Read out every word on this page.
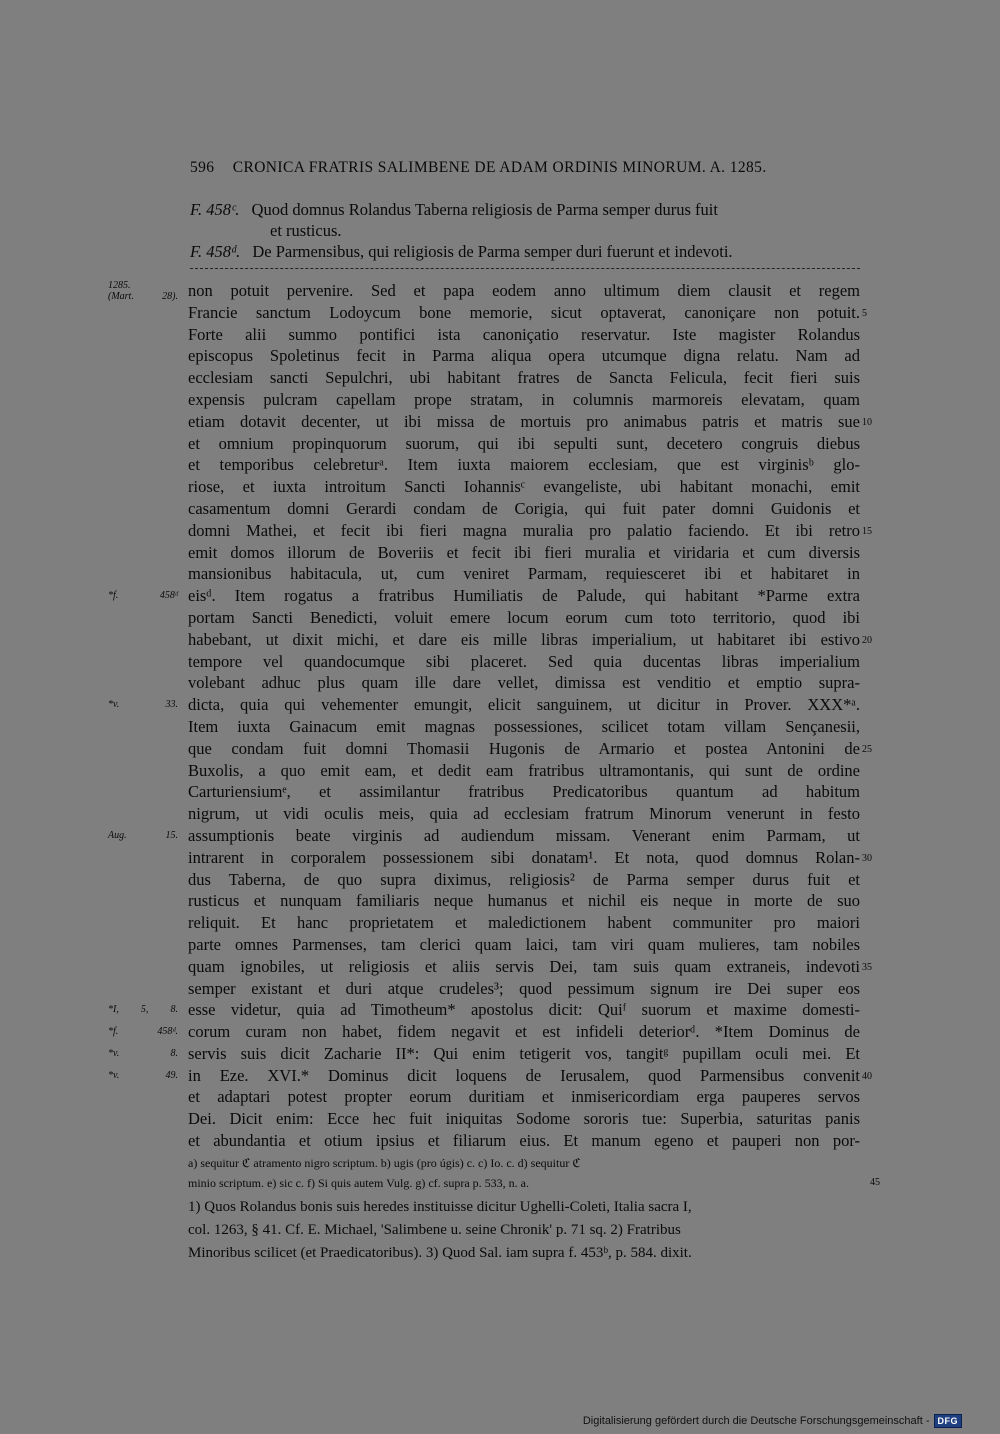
596 CRONICA FRATRIS SALIMBENE DE ADAM ORDINIS MINORUM. A. 1285.
F. 458ᶜ. Quod domnus Rolandus Taberna religiosis de Parma semper durus fuit
et rusticus.
F. 458ᵈ. De Parmensibus, qui religiosis de Parma semper duri fuerunt et indevoti.
non potuit pervenire. Sed et papa eodem anno ultimum diem clausit et regem
1285.
(Mart. 28).
Francie sanctum Lodoycum bone memorie, sicut optaverat, canoniçare non potuit. 5
Forte alii summo pontifici ista canoniçatio reservatur. Iste magister Rolandus
episcopus Spoletinus fecit in Parma aliqua opera utcumque digna relatu. Nam ad
ecclesiam sancti Sepulchri, ubi habitant fratres de Sancta Felicula, fecit fieri suis
expensis pulcram capellam prope stratam, in columnis marmoreis elevatam, quam
etiam dotavit decenter, ut ibi missa de mortuis pro animabus patris et matris sue 10
et omnium propinquorum suorum, qui ibi sepulti sunt, decetero congruis diebus
et temporibus celebreturᵃ. Item iuxta maiorem ecclesiam, que est virginisᵇ glo-
riose, et iuxta introitum Sancti Iohannisᶜ evangeliste, ubi habitant monachi, emit
casamentum domni Gerardi condam de Corigia, qui fuit pater domni Guidonis et
domni Mathei, et fecit ibi fieri magna muralia pro palatio faciendo. Et ibi retro 15
emit domos illorum de Boveriis et fecit ibi fieri muralia et viridaria et cum diversis
mansionibus habitacula, ut, cum veniret Parmam, requiesceret ibi et habitaret in
eisᵈ. Item rogatus a fratribus Humiliatis de Palude, qui habitant *Parme extra
*f. 458ᵈ
portam Sancti Benedicti, voluit emere locum eorum cum toto territorio, quod ibi
habebant, ut dixit michi, et dare eis mille libras imperialium, ut habitaret ibi estivo 20
tempore vel quandocumque sibi placeret. Sed quia ducentas libras imperialium
volebant adhuc plus quam ille dare vellet, dimissa est venditio et emptio supra-
dicta, quia qui vehementer emungit, elicit sanguinem, ut dicitur in Prover. XXX*ᵃ.
*v. 33.
Item iuxta Gainacum emit magnas possessiones, scilicet totam villam Sençanesii,
que condam fuit domni Thomasii Hugonis de Armario et postea Antonini de 25
Buxolis, a quo emit eam, et dedit eam fratribus ultramontanis, qui sunt de ordine
Carturiensiumᵉ, et assimilantur fratribus Predicatoribus quantum ad habitum
nigrum, ut vidi oculis meis, quia ad ecclesiam fratrum Minorum venerunt in festo
assumptionis beate virginis ad audiendum missam. Venerant enim Parmam, ut
Aug. 15.
intrarent in corporalem possessionem sibi donatam¹. Et nota, quod domnus Rolan- 30
dus Taberna, de quo supra diximus, religiosis² de Parma semper durus fuit et
rusticus et nunquam familiaris neque humanus et nichil eis neque in morte de suo
reliquit. Et hanc proprietatem et maledictionem habent communiter pro maiori
parte omnes Parmenses, tam clerici quam laici, tam viri quam mulieres, tam nobiles
quam ignobiles, ut religiosis et aliis servis Dei, tam suis quam extraneis, indevoti 35
semper existant et duri atque crudeles³; quod pessimum signum ire Dei super eos
esse videtur, quia ad Timotheum* apostolus dicit: Quiᶠ suorum et maxime domesti-
*I, 5, 8.
corum curam non habet, fidem negavit et est infideli deteriorᵈ. *Item Dominus de
*f. 458ᵈ.
servis suis dicit Zacharie II*: Qui enim tetigerit vos, tangitᵍ pupillam oculi mei. Et
*v. 8.
in Eze. XVI.* Dominus dicit loquens de Ierusalem, quod Parmensibus convenit
*v. 49.	40
et adaptari potest propter eorum duritiam et inmisericordiam erga pauperes servos
Dei. Dicit enim: Ecce hec fuit iniquitas Sodome sororis tue: Superbia, saturitas panis
et abundantia et otium ipsius et filiarum eius. Et manum egeno et pauperi non por-
a) sequitur ℭ atramento nigro scriptum. b) ugis (pro úgis) c. c) Io. c. d) sequitur ℭ
minio scriptum. e) sic c. f) Si quis autem Vulg. g) cf. supra p. 533, n. a.	45
1) Quos Rolandus bonis suis heredes instituisse dicitur Ughelli-Coleti, Italia sacra I,
col. 1263, § 41. Cf. E. Michael, 'Salimbene u. seine Chronik' p. 71 sq. 2) Fratribus
Minoribus scilicet (et Praedicatoribus). 3) Quod Sal. iam supra f. 453ᵇ, p. 584. dixit.
Digitalisierung gefördert durch die Deutsche Forschungsgemeinschaft - DFG
